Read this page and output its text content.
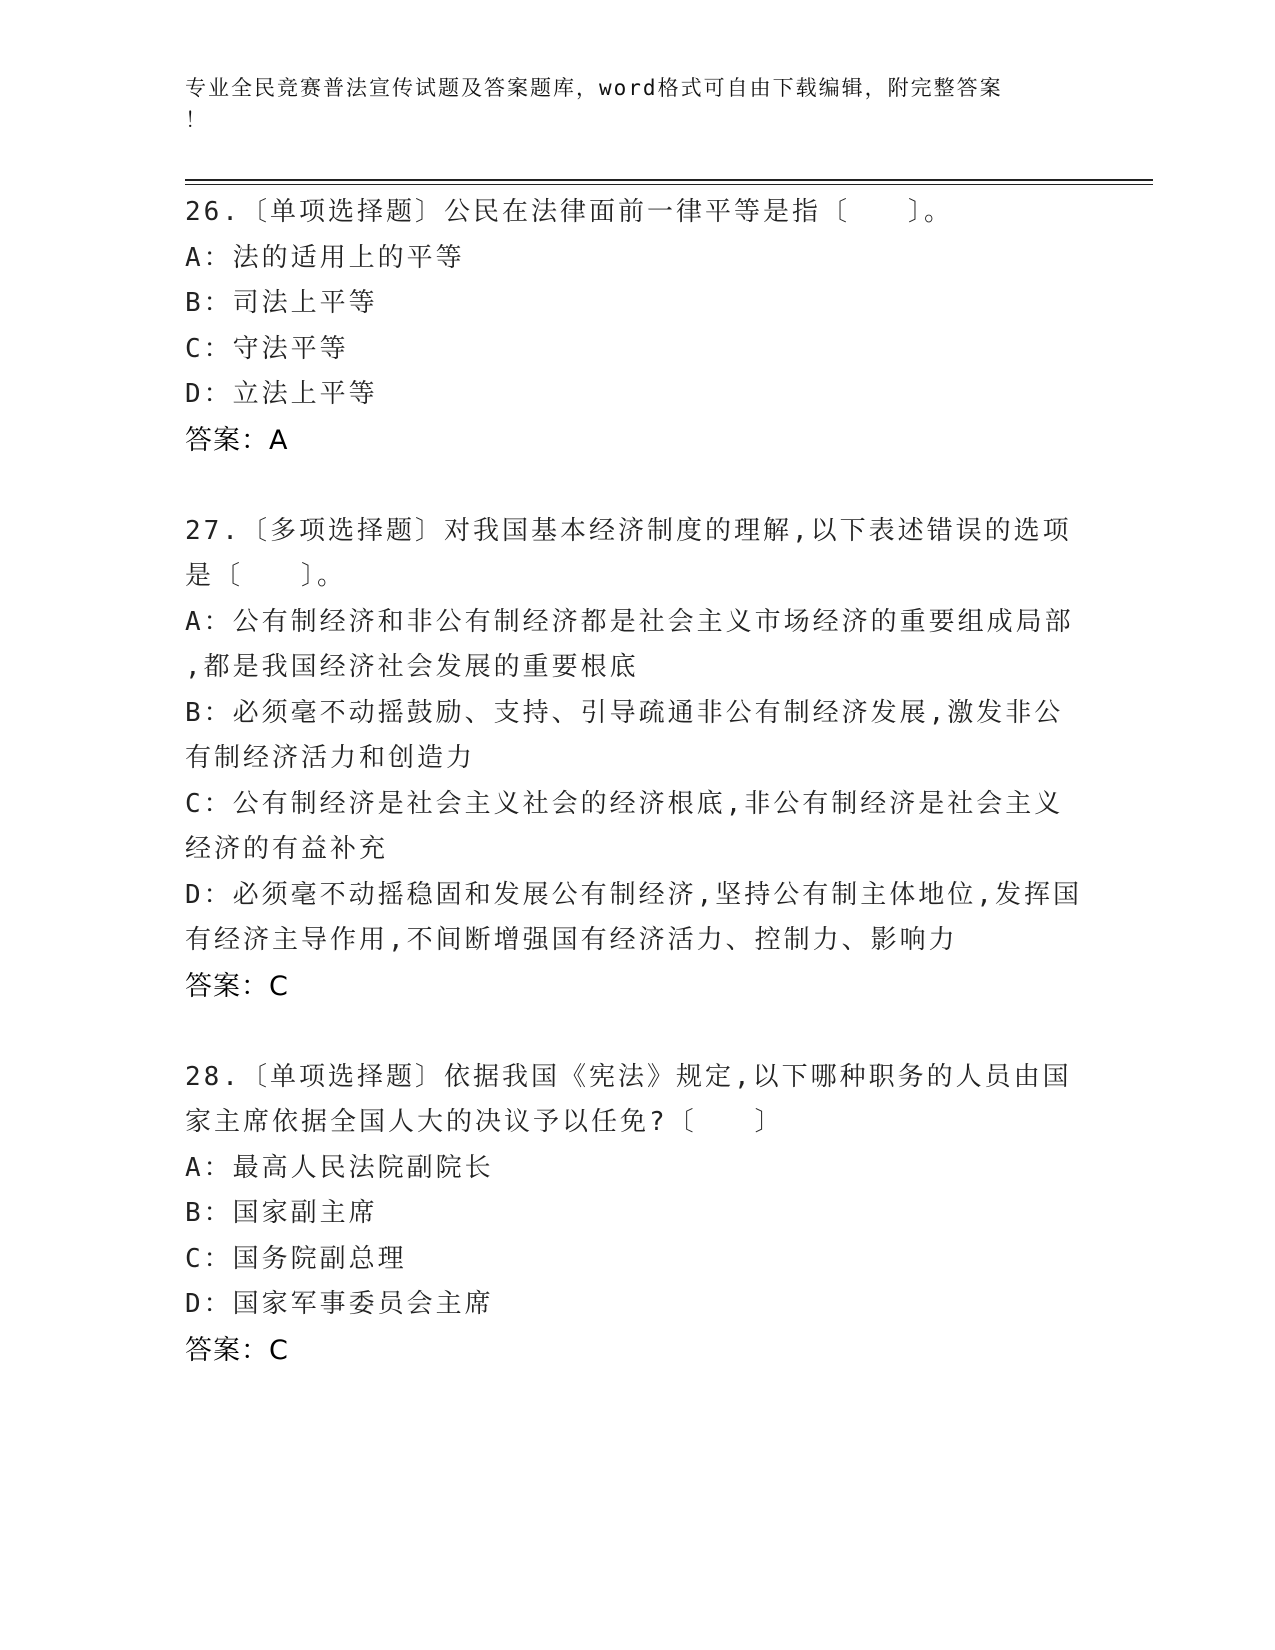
专业全民竞赛普法宣传试题及答案题库，word格式可自由下载编辑，附完整答案
！

26.〔单项选择题〕公民在法律面前一律平等是指〔　　〕。

A：法的适用上的平等

B：司法上平等

C：守法平等

D：立法上平等

答案：A

27.〔多项选择题〕对我国基本经济制度的理解,以下表述错误的选项

是〔　　〕。

A：公有制经济和非公有制经济都是社会主义市场经济的重要组成局部

,都是我国经济社会发展的重要根底

B：必须毫不动摇鼓励、支持、引导疏通非公有制经济发展,激发非公

有制经济活力和创造力

C：公有制经济是社会主义社会的经济根底,非公有制经济是社会主义

经济的有益补充

D：必须毫不动摇稳固和发展公有制经济,坚持公有制主体地位,发挥国

有经济主导作用,不间断增强国有经济活力、控制力、影响力

答案：C

28.〔单项选择题〕依据我国《宪法》规定,以下哪种职务的人员由国

家主席依据全国人大的决议予以任免?〔　　〕

A：最高人民法院副院长

B：国家副主席

C：国务院副总理

D：国家军事委员会主席

答案：C
